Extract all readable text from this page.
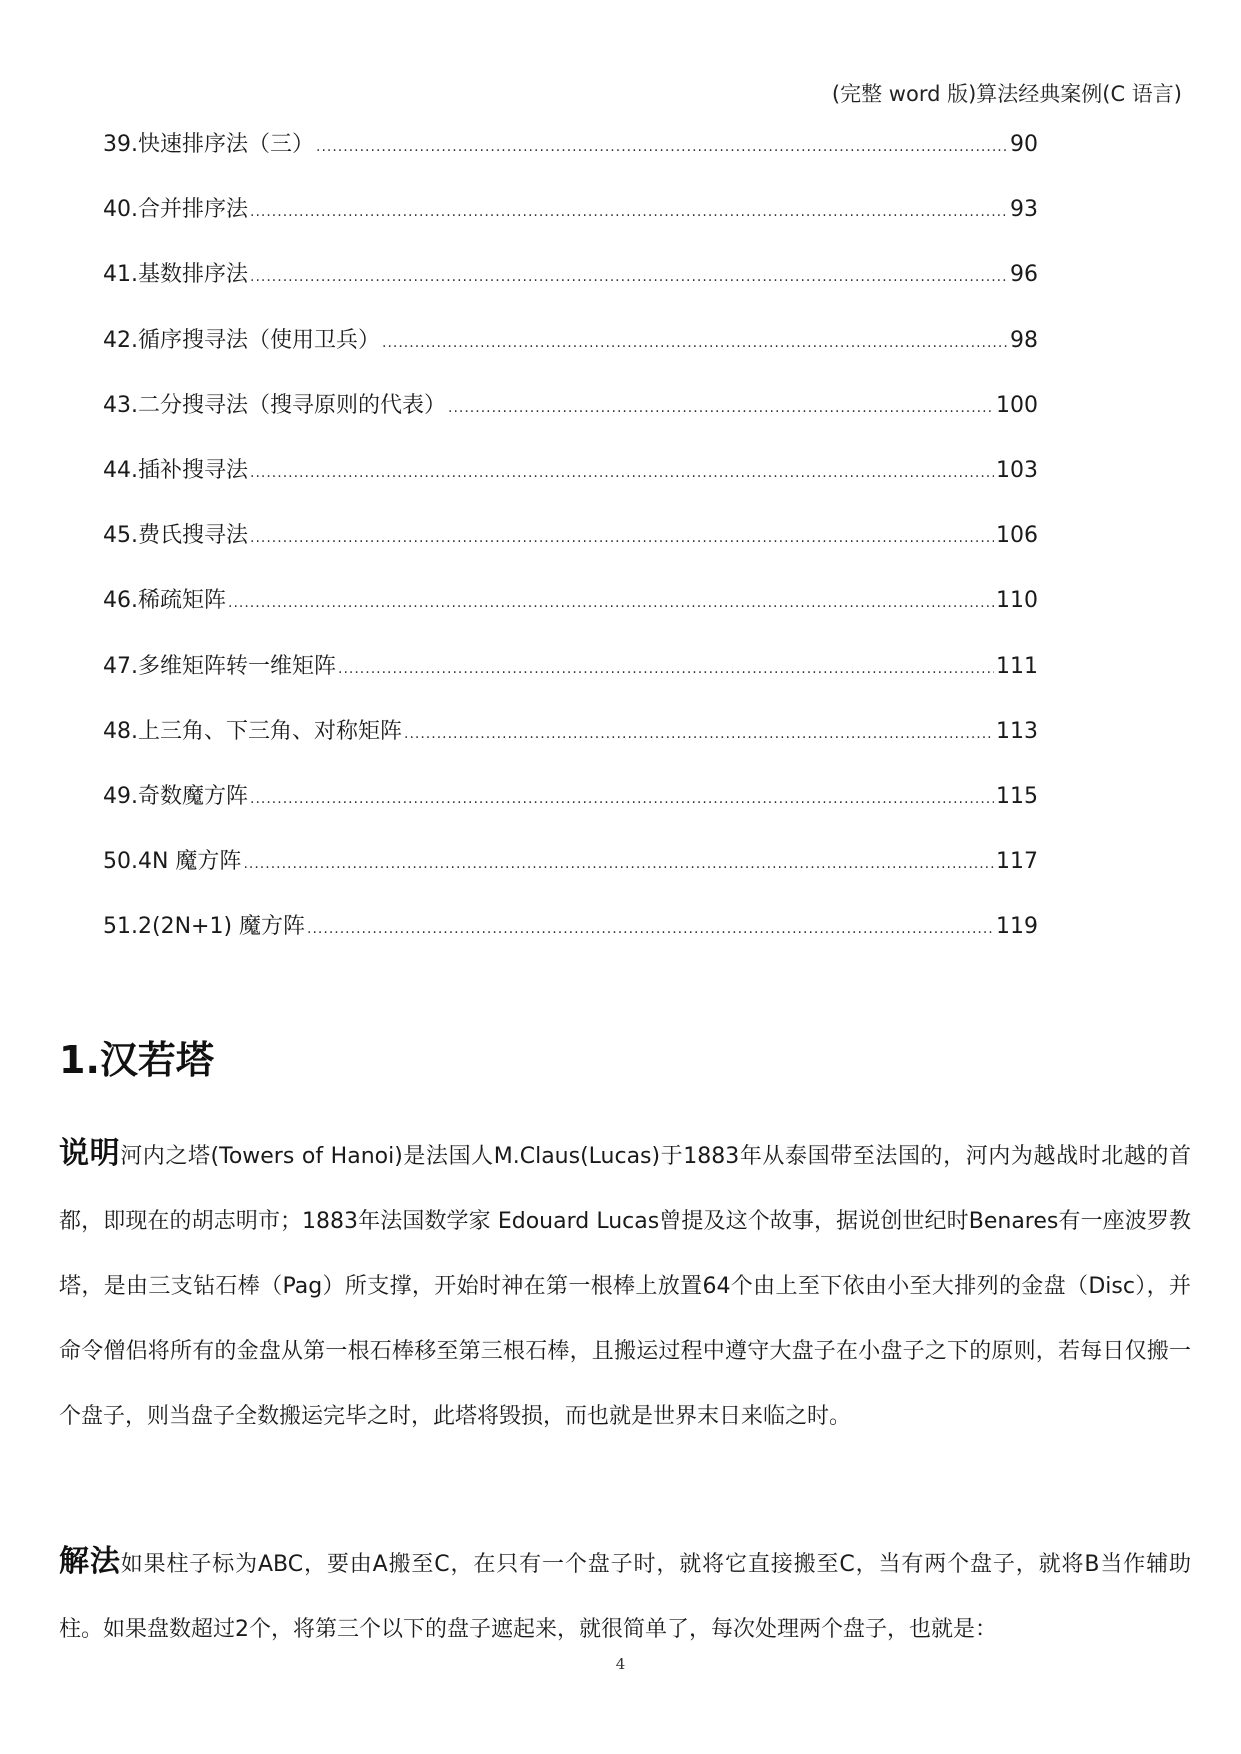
(完整 word 版)算法经典案例(C 语言)
39.快速排序法（三） .....	90
40.合并排序法 .....	93
41.基数排序法 .....	96
42.循序搜寻法（使用卫兵） .....	98
43.二分搜寻法（搜寻原则的代表） .....	100
44.插补搜寻法 .....	103
45.费氏搜寻法 .....	106
46.稀疏矩阵 .....	110
47.多维矩阵转一维矩阵 .....	111
48.上三角、下三角、对称矩阵 .....	113
49.奇数魔方阵 .....	115
50.4N 魔方阵 .....	117
51.2(2N+1) 魔方阵 .....	119
1.汉若塔

说明河内之塔(Towers of Hanoi)是法国人M.Claus(Lucas)于1883年从泰国带至法国的，河内为越战时北越的首都，即现在的胡志明市；1883年法国数学家 Edouard Lucas曾提及这个故事，据说创世纪时Benares有一座波罗教塔，是由三支钻石棒（Pag）所支撑，开始时神在第一根棒上放置64个由上至下依由小至大排列的金盘（Disc），并命令僧侣将所有的金盘从第一根石棒移至第三根石棒，且搬运过程中遵守大盘子在小盘子之下的原则，若每日仅搬一个盘子，则当盘子全数搬运完毕之时，此塔将毁损，而也就是世界末日来临之时。

解法如果柱子标为ABC，要由A搬至C，在只有一个盘子时，就将它直接搬至C，当有两个盘子，就将B当作辅助柱。如果盘数超过2个，将第三个以下的盘子遮起来，就很简单了，每次处理两个盘子，也就是：

4
